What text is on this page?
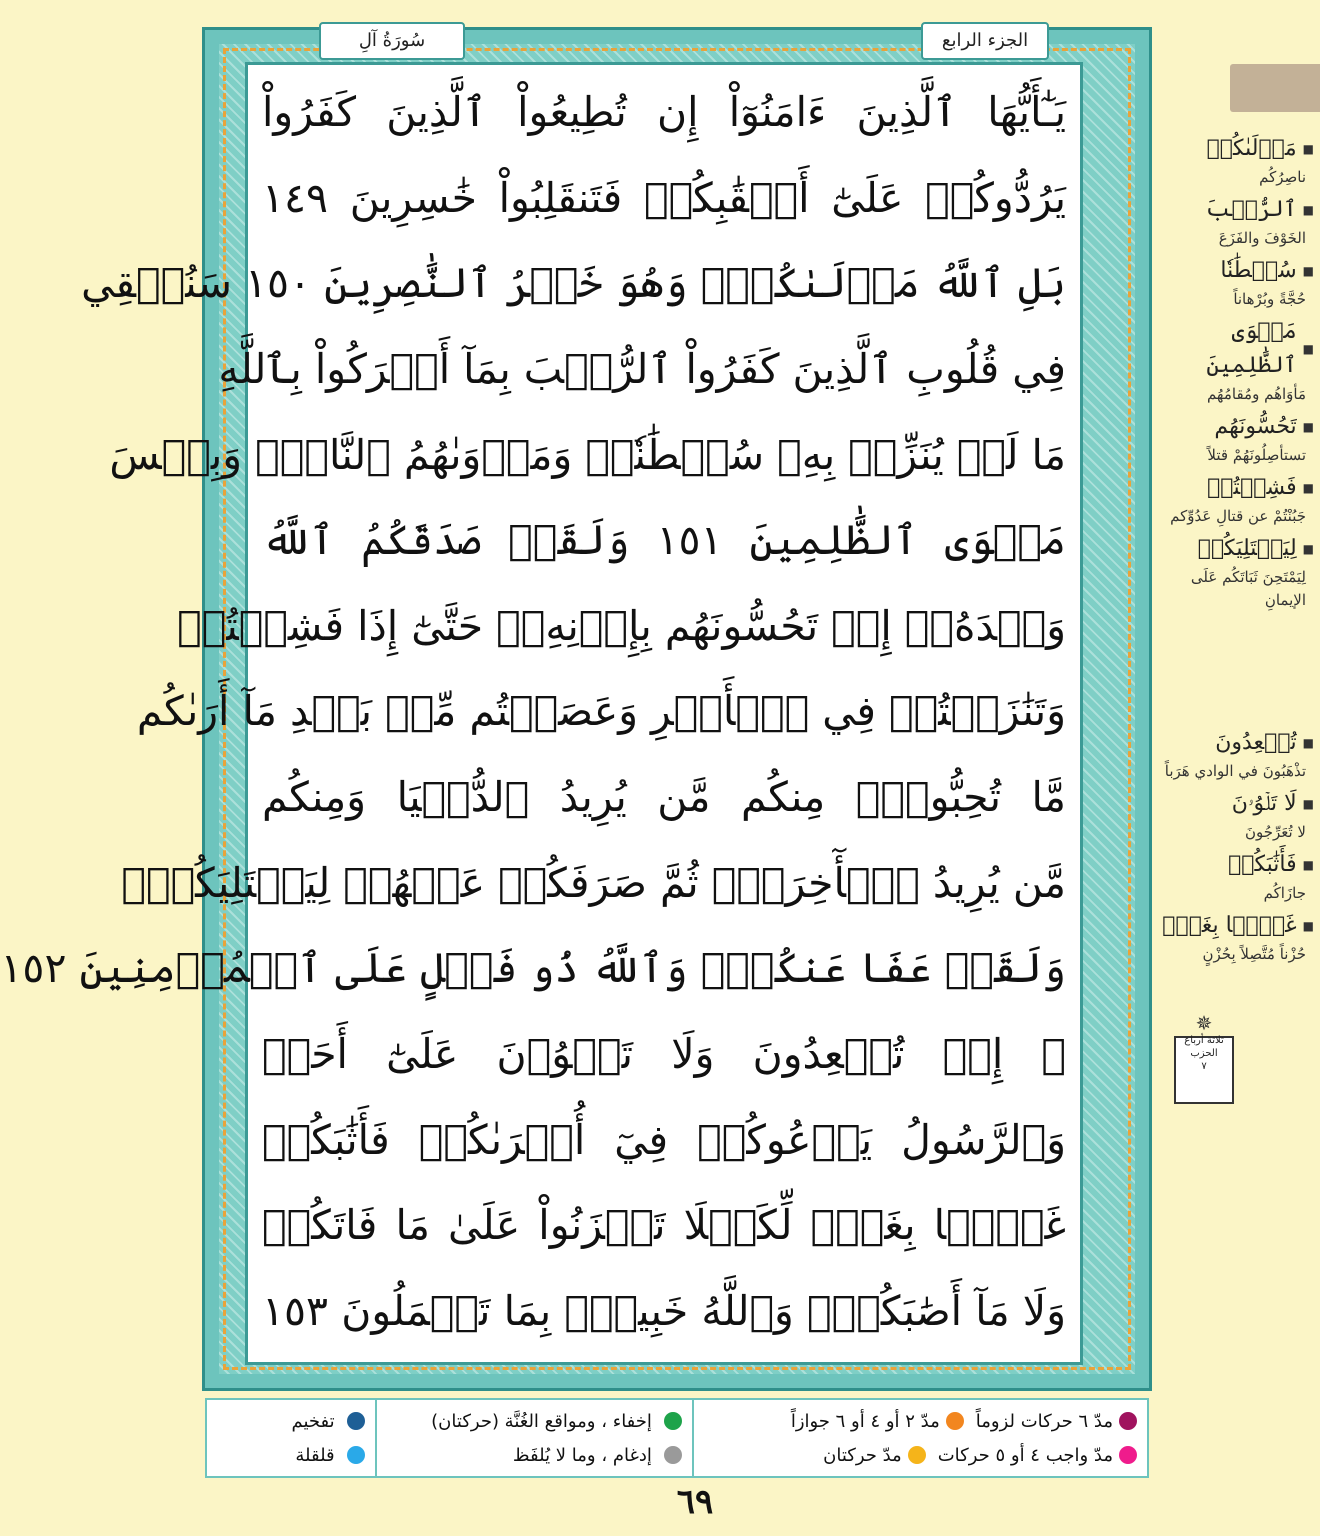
سُورَةُ آلِ	الجزء الرابع
يَـٰٓأَيُّهَا ٱلَّذِينَ ءَامَنُوٓاْ إِن تُطِيعُواْ ٱلَّذِينَ كَفَرُواْ
يَرُدُّوكُمۡ عَلَىٰٓ أَعۡقَٰبِكُمۡ فَتَنقَلِبُواْ خَٰسِرِينَ ١٤٩
بَلِ ٱللَّهُ مَوۡلَىٰكُمۡۖ وَهُوَ خَيۡرُ ٱلنَّٰصِرِينَ ١٥٠ سَنُلۡقِي
فِي قُلُوبِ ٱلَّذِينَ كَفَرُواْ ٱلرُّعۡبَ بِمَآ أَشۡرَكُواْ بِٱللَّهِ
مَا لَمۡ يُنَزِّلۡ بِهِۦ سُلۡطَٰنٗاۖ وَمَأۡوَىٰهُمُ ٱلنَّارُۖ وَبِئۡسَ
مَثۡوَى ٱلظَّٰلِمِينَ ١٥١ وَلَقَدۡ صَدَقَكُمُ ٱللَّهُ
وَعۡدَهُۥٓ إِذۡ تَحُسُّونَهُم بِإِذۡنِهِۦۖ حَتَّىٰٓ إِذَا فَشِلۡتُمۡ
وَتَنَٰزَعۡتُمۡ فِي ٱلۡأَمۡرِ وَعَصَيۡتُم مِّنۢ بَعۡدِ مَآ أَرَىٰكُم
مَّا تُحِبُّونَۚ مِنكُم مَّن يُرِيدُ ٱلدُّنۡيَا وَمِنكُم
مَّن يُرِيدُ ٱلۡأٓخِرَةَۚ ثُمَّ صَرَفَكُمۡ عَنۡهُمۡ لِيَبۡتَلِيَكُمۡۖ
وَلَقَدۡ عَفَا عَنكُمۡۗ وَٱللَّهُ ذُو فَضۡلٍ عَلَى ٱلۡمُؤۡمِنِينَ ١٥٢
۞ إِذۡ تُصۡعِدُونَ وَلَا تَلۡوُۥنَ عَلَىٰٓ أَحَدٖ
وَٱلرَّسُولُ يَدۡعُوكُمۡ فِيٓ أُخۡرَىٰكُمۡ فَأَثَٰبَكُمۡ
غَمَّۢا بِغَمّٖ لِّكَيۡلَا تَحۡزَنُواْ عَلَىٰ مَا فَاتَكُمۡ
وَلَا مَآ أَصَٰبَكُمۡۗ وَٱللَّهُ خَبِيرُۢ بِمَا تَعۡمَلُونَ ١٥٣
■
مَوۡلَىٰكُمۡ
ناصِرُكُم
■
ٱلرُّعۡبَ
الخَوْفَ والفَزَعَ
■
سُلۡطَٰنٗا
حُجَّةً وبُرْهاناً
■
مَثۡوَى ٱلظَّٰلِمِينَ
مَأوَاهُم ومُقامُهُم
■
تَحُسُّونَهُم
تستأصِلُونَهُمْ قتلاً
■
فَشِلۡتُمۡ
جَبُنْتُمْ عن قتالِ عَدُوِّكم
■
لِيَبۡتَلِيَكُمۡ
لِيَمْتَحِنَ ثَبَاتَكُم عَلَى الإيمانِ
■
تُصۡعِدُونَ
تذْهَبُونَ في الوادي هَرَباً
■
لَا تَلۡوُۥنَ
لا تُعَرِّجُونَ
■
فَأَثَٰبَكُمۡ
جازَاكُم
■
غَمَّۢا بِغَمّٖ
حُزْناً مُتَّصِلاً بِحُزْنٍ
✵
ثلاثة أرباع
الحزب
٧
مدّ ٦ حركات لزوماً
مدّ ٢ أو ٤ أو ٦ جوازاً
مدّ واجب ٤ أو ٥ حركات
مدّ حركتان
إخفاء ، ومواقع الغُنَّة (حركتان)
إدغام ، وما لا يُلفَظ
تفخيم
قلقلة
٦٩
